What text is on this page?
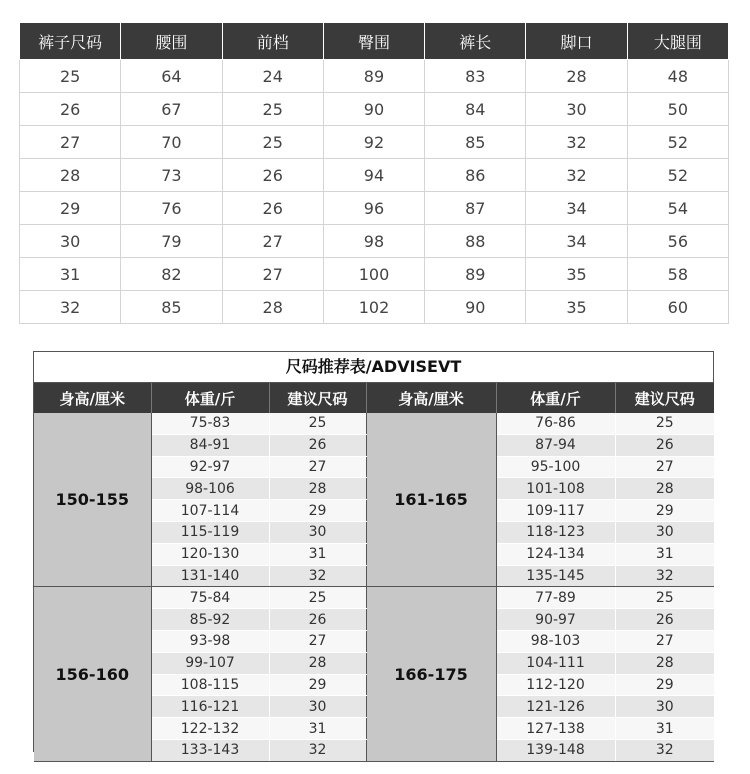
裤子尺码	腰围	前档	臀围	裤长	脚口	大腿围
25	64	24	89	83	28	48
26	67	25	90	84	30	50
27	70	25	92	85	32	52
28	73	26	94	86	32	52
29	76	26	96	87	34	54
30	79	27	98	88	34	56
31	82	27	100	89	35	58
32	85	28	102	90	35	60
尺码推荐表/ADVISEVT
身高/厘米	体重/斤	建议尺码	身高/厘米	体重/斤	建议尺码
150-155	75-83	25	161-165	76-86	25
	84-91	26		87-94	26
	92-97	27		95-100	27
	98-106	28		101-108	28
	107-114	29		109-117	29
	115-119	30		118-123	30
	120-130	31		124-134	31
	131-140	32		135-145	32
156-160	75-84	25	166-175	77-89	25
	85-92	26		90-97	26
	93-98	27		98-103	27
	99-107	28		104-111	28
	108-115	29		112-120	29
	116-121	30		121-126	30
	122-132	31		127-138	31
	133-143	32		139-148	32
